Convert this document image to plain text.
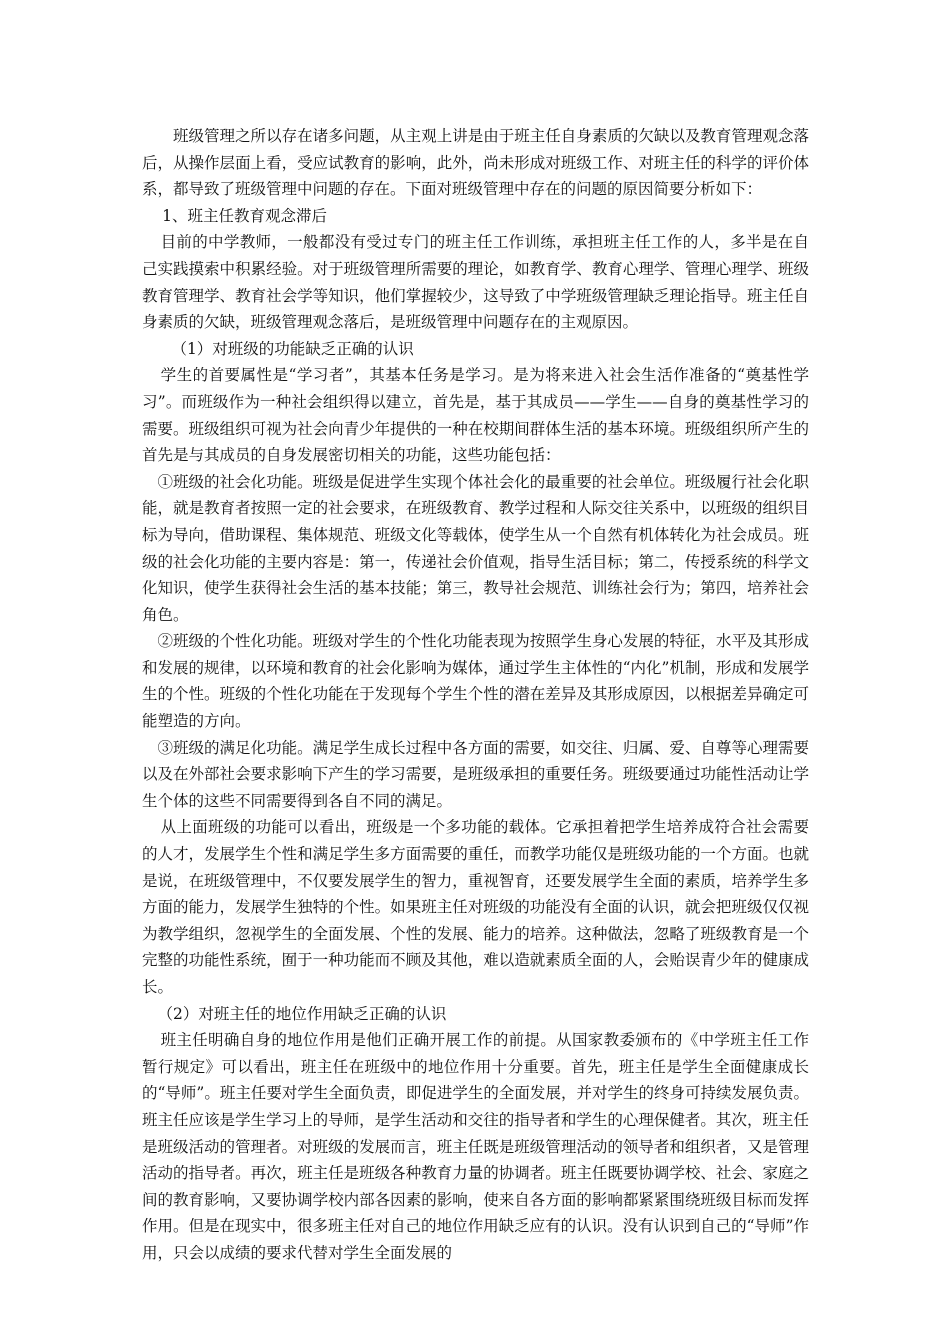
班级管理之所以存在诸多问题，从主观上讲是由于班主任自身素质的欠缺以及教育管理观念落后，从操作层面上看，受应试教育的影响，此外，尚未形成对班级工作、对班主任的科学的评价体系，都导致了班级管理中问题的存在。下面对班级管理中存在的问题的原因简要分析如下：

1、班主任教育观念滞后

目前的中学教师，一般都没有受过专门的班主任工作训练，承担班主任工作的人，多半是在自己实践摸索中积累经验。对于班级管理所需要的理论，如教育学、教育心理学、管理心理学、班级教育管理学、教育社会学等知识，他们掌握较少，这导致了中学班级管理缺乏理论指导。班主任自身素质的欠缺，班级管理观念落后，是班级管理中问题存在的主观原因。

（1）对班级的功能缺乏正确的认识

学生的首要属性是“学习者”，其基本任务是学习。是为将来进入社会生活作准备的“奠基性学习”。而班级作为一种社会组织得以建立，首先是，基于其成员——学生——自身的奠基性学习的需要。班级组织可视为社会向青少年提供的一种在校期间群体生活的基本环境。班级组织所产生的首先是与其成员的自身发展密切相关的功能，这些功能包括：

①班级的社会化功能。班级是促进学生实现个体社会化的最重要的社会单位。班级履行社会化职能，就是教育者按照一定的社会要求，在班级教育、教学过程和人际交往关系中，以班级的组织目标为导向，借助课程、集体规范、班级文化等载体，使学生从一个自然有机体转化为社会成员。班级的社会化功能的主要内容是：第一，传递社会价值观，指导生活目标；第二，传授系统的科学文化知识，使学生获得社会生活的基本技能；第三，教导社会规范、训练社会行为；第四，培养社会角色。

②班级的个性化功能。班级对学生的个性化功能表现为按照学生身心发展的特征，水平及其形成和发展的规律，以环境和教育的社会化影响为媒体，通过学生主体性的“内化”机制，形成和发展学生的个性。班级的个性化功能在于发现每个学生个性的潜在差异及其形成原因，以根据差异确定可能塑造的方向。

③班级的满足化功能。满足学生成长过程中各方面的需要，如交往、归属、爱、自尊等心理需要以及在外部社会要求影响下产生的学习需要，是班级承担的重要任务。班级要通过功能性活动让学生个体的这些不同需要得到各自不同的满足。

从上面班级的功能可以看出，班级是一个多功能的载体。它承担着把学生培养成符合社会需要的人才，发展学生个性和满足学生多方面需要的重任，而教学功能仅是班级功能的一个方面。也就是说，在班级管理中，不仅要发展学生的智力，重视智育，还要发展学生全面的素质，培养学生多方面的能力，发展学生独特的个性。如果班主任对班级的功能没有全面的认识，就会把班级仅仅视为教学组织，忽视学生的全面发展、个性的发展、能力的培养。这种做法，忽略了班级教育是一个完整的功能性系统，囿于一种功能而不顾及其他，难以造就素质全面的人，会贻误青少年的健康成长。

（2）对班主任的地位作用缺乏正确的认识

班主任明确自身的地位作用是他们正确开展工作的前提。从国家教委颁布的《中学班主任工作暂行规定》可以看出，班主任在班级中的地位作用十分重要。首先，班主任是学生全面健康成长的“导师”。班主任要对学生全面负责，即促进学生的全面发展，并对学生的终身可持续发展负责。班主任应该是学生学习上的导师，是学生活动和交往的指导者和学生的心理保健者。其次，班主任是班级活动的管理者。对班级的发展而言，班主任既是班级管理活动的领导者和组织者，又是管理活动的指导者。再次，班主任是班级各种教育力量的协调者。班主任既要协调学校、社会、家庭之间的教育影响，又要协调学校内部各因素的影响，使来自各方面的影响都紧紧围绕班级目标而发挥作用。但是在现实中，很多班主任对自己的地位作用缺乏应有的认识。没有认识到自己的“导师”作用，只会以成绩的要求代替对学生全面发展的
